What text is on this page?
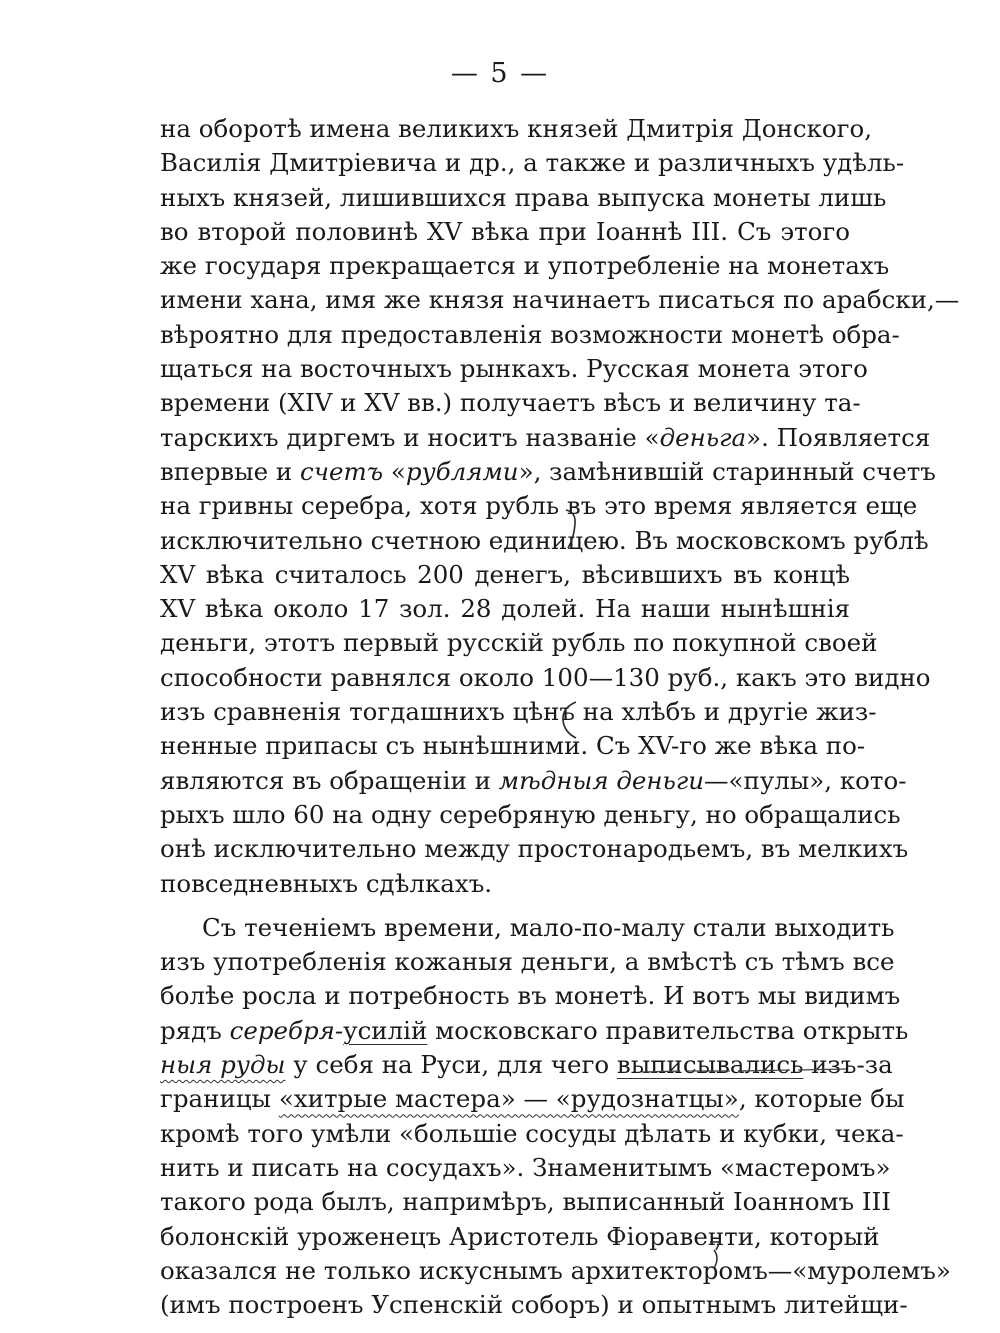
— 5 —
на оборотѣ имена великихъ князей Дмитрія Донского,
Василія Дмитріевича и др., а также и различныхъ удѣль-
ныхъ князей, лишившихся права выпуска монеты лишь
во второй половинѣ XV вѣка при Іоаннѣ III. Съ этого
же государя прекращается и употребленіе на монетахъ
имени хана, имя же князя начинаетъ писаться по арабски,—
вѣроятно для предоставленія возможности монетѣ обра-
щаться на восточныхъ рынкахъ. Русская монета этого
времени (XIV и XV вв.) получаетъ вѣсъ и величину та-
тарскихъ диргемъ и носитъ названіе «деньга». Появляется
впервые и счетъ «рублями», замѣнившій старинный счетъ
на гривны серебра, хотя рубль въ это время является еще
исключительно счетною единицею. Въ московскомъ рублѣ
XV вѣка считалось 200 денегъ, вѣсившихъ въ концѣ
XV вѣка около 17 зол. 28 долей. На наши нынѣшнія
деньги, этотъ первый русскій рубль по покупной своей
способности равнялся около 100—130 руб., какъ это видно
изъ сравненія тогдашнихъ цѣнъ на хлѣбъ и другіе жиз-
ненные припасы съ нынѣшними. Съ XV-го же вѣка по-
являются въ обращеніи и мѣдныя деньги—«пулы», кото-
рыхъ шло 60 на одну серебряную деньгу, но обращались
онѣ исключительно между простонародьемъ, въ мелкихъ
повседневныхъ сдѣлкахъ.
Съ теченіемъ времени, мало-по-малу стали выходить
изъ употребленія кожаныя деньги, а вмѣстѣ съ тѣмъ все
болѣе росла и потребность въ монетѣ. И вотъ мы видимъ
рядъ серебря-усилій московскаго правительства открыть
ныя руды у себя на Руси, для чего выписывались изъ-за
границы «хитрые мастера» — «рудознатцы», которые бы
кромѣ того умѣли «большіе сосуды дѣлать и кубки, чека-
нить и писать на сосудахъ». Знаменитымъ «мастеромъ»
такого рода былъ, напримѣръ, выписанный Іоанномъ III
болонскій уроженецъ Аристотель Фіоравенти, который
оказался не только искуснымъ архитекторомъ—«муролемъ»
(имъ построенъ Успенскій соборъ) и опытнымъ литейщи-
